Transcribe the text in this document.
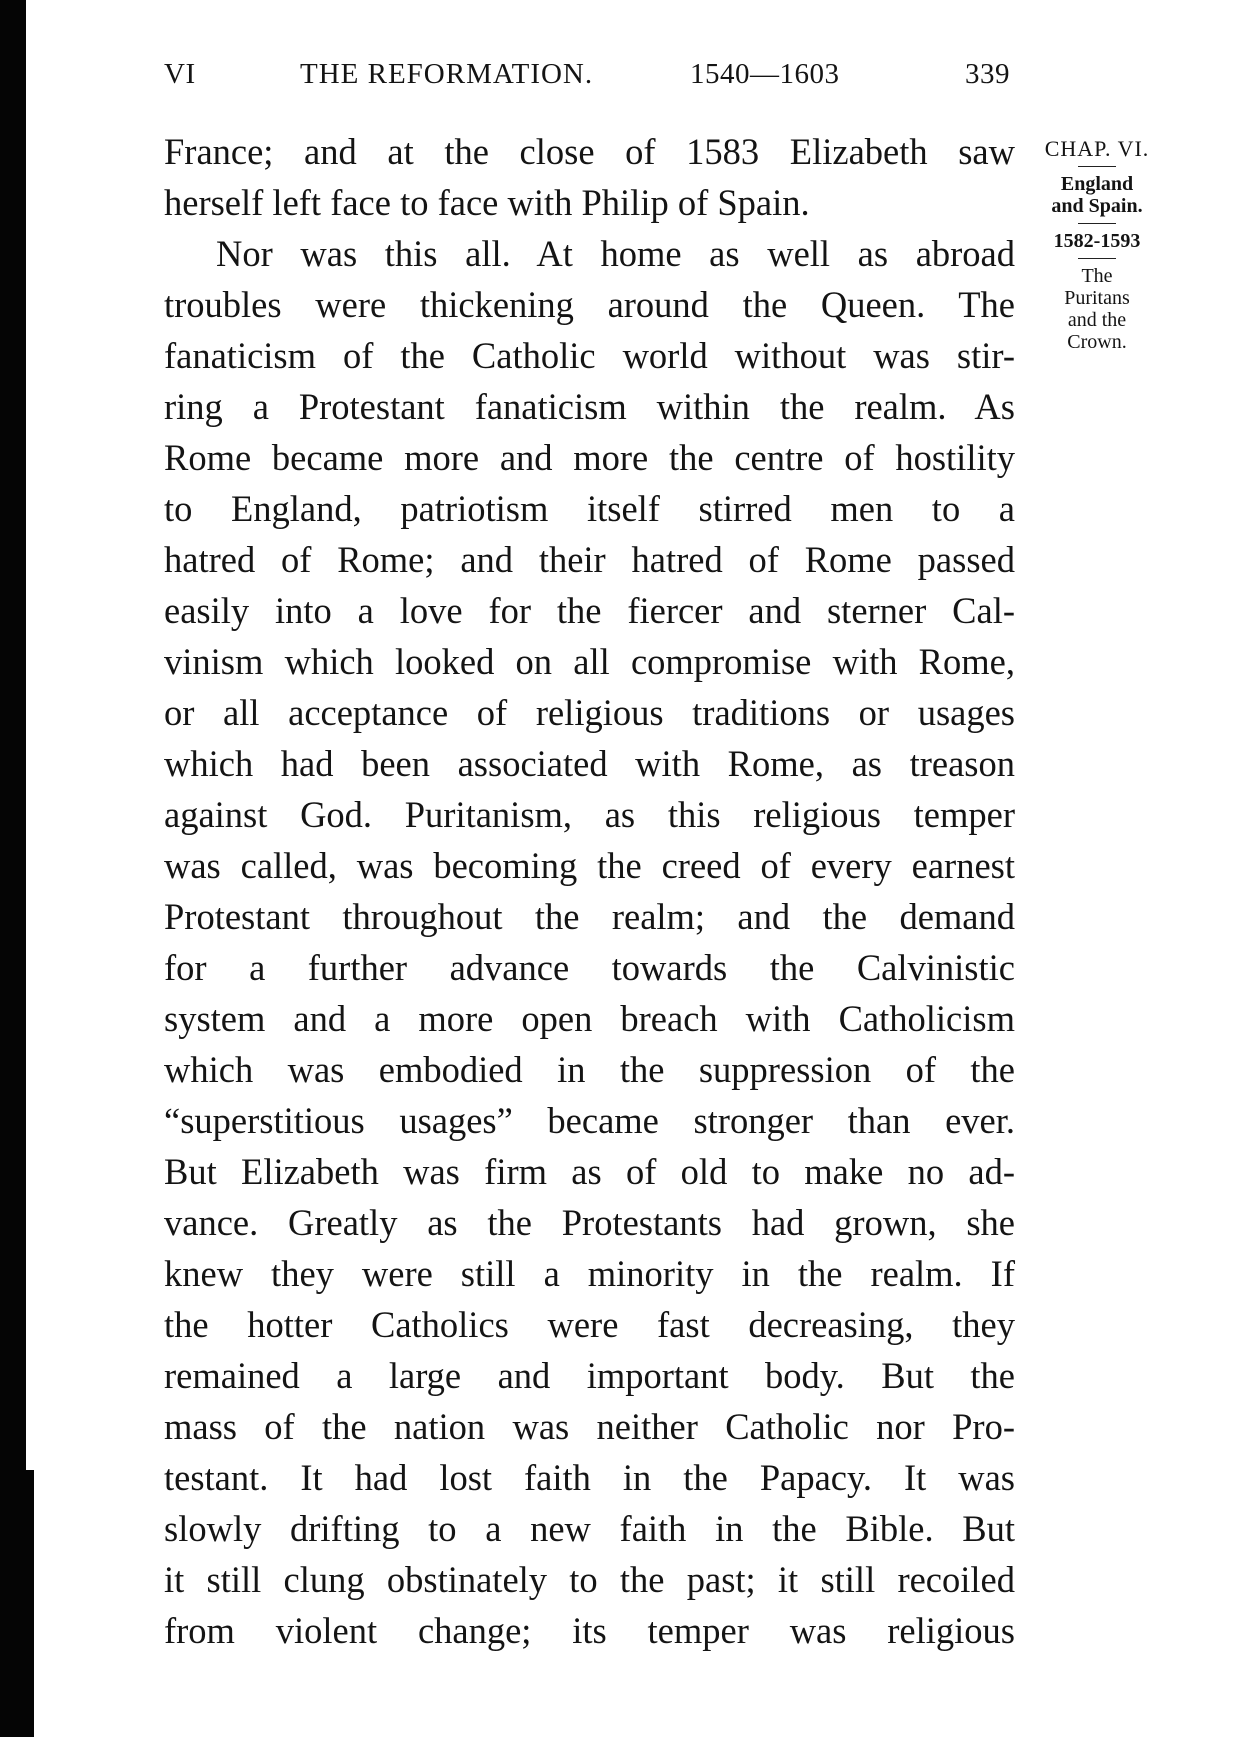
VI	THE REFORMATION.	1540—1603	339
France; and at the close of 1583 Elizabeth saw
herself left face to face with Philip of Spain.
Nor was this all. At home as well as abroad
troubles were thickening around the Queen. The
fanaticism of the Catholic world without was stir-
ring a Protestant fanaticism within the realm. As
Rome became more and more the centre of hostility
to England, patriotism itself stirred men to a
hatred of Rome; and their hatred of Rome passed
easily into a love for the fiercer and sterner Cal-
vinism which looked on all compromise with Rome,
or all acceptance of religious traditions or usages
which had been associated with Rome, as treason
against God. Puritanism, as this religious temper
was called, was becoming the creed of every earnest
Protestant throughout the realm; and the demand
for a further advance towards the Calvinistic
system and a more open breach with Catholicism
which was embodied in the suppression of the
“superstitious usages” became stronger than ever.
But Elizabeth was firm as of old to make no ad-
vance. Greatly as the Protestants had grown, she
knew they were still a minority in the realm. If
the hotter Catholics were fast decreasing, they
remained a large and important body. But the
mass of the nation was neither Catholic nor Pro-
testant. It had lost faith in the Papacy. It was
slowly drifting to a new faith in the Bible. But
it still clung obstinately to the past; it still recoiled
from violent change; its temper was religious
CHAP. VI.
England
and Spain.
1582-1593
The
Puritans
and the
Crown.
